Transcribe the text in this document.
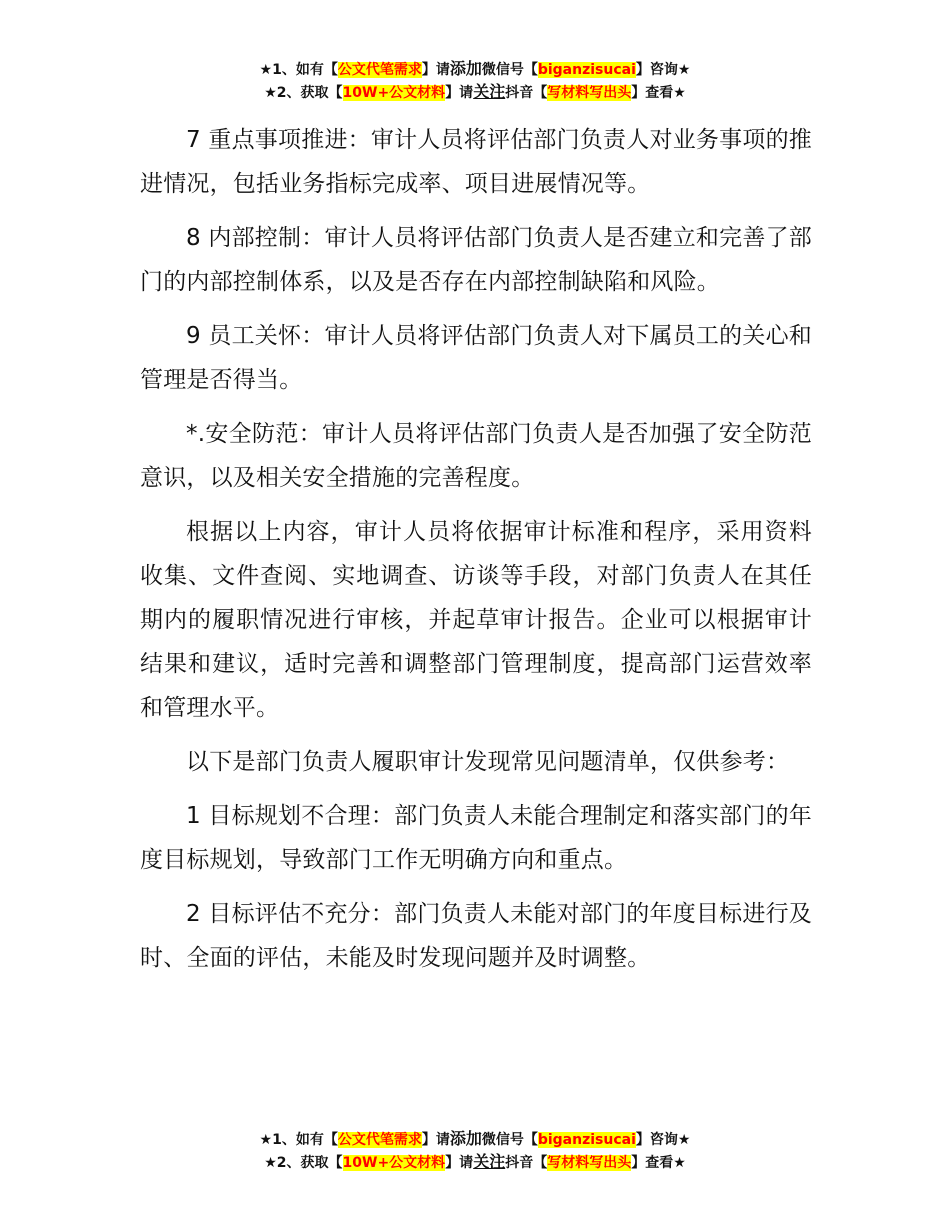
★1、如有【公文代笔需求】请添加微信号【biganzisucai】咨询★
★2、获取【10W+公文材料】请关注抖音【写材料写出头】查看★

7 重点事项推进：审计人员将评估部门负责人对业务事项的推进情况，包括业务指标完成率、项目进展情况等。

8 内部控制：审计人员将评估部门负责人是否建立和完善了部门的内部控制体系，以及是否存在内部控制缺陷和风险。

9 员工关怀：审计人员将评估部门负责人对下属员工的关心和管理是否得当。

*.安全防范：审计人员将评估部门负责人是否加强了安全防范意识，以及相关安全措施的完善程度。

根据以上内容，审计人员将依据审计标准和程序，采用资料收集、文件查阅、实地调查、访谈等手段，对部门负责人在其任期内的履职情况进行审核，并起草审计报告。企业可以根据审计结果和建议，适时完善和调整部门管理制度，提高部门运营效率和管理水平。

以下是部门负责人履职审计发现常见问题清单，仅供参考：

1 目标规划不合理：部门负责人未能合理制定和落实部门的年度目标规划，导致部门工作无明确方向和重点。

2 目标评估不充分：部门负责人未能对部门的年度目标进行及时、全面的评估，未能及时发现问题并及时调整。

★1、如有【公文代笔需求】请添加微信号【biganzisucai】咨询★
★2、获取【10W+公文材料】请关注抖音【写材料写出头】查看★
